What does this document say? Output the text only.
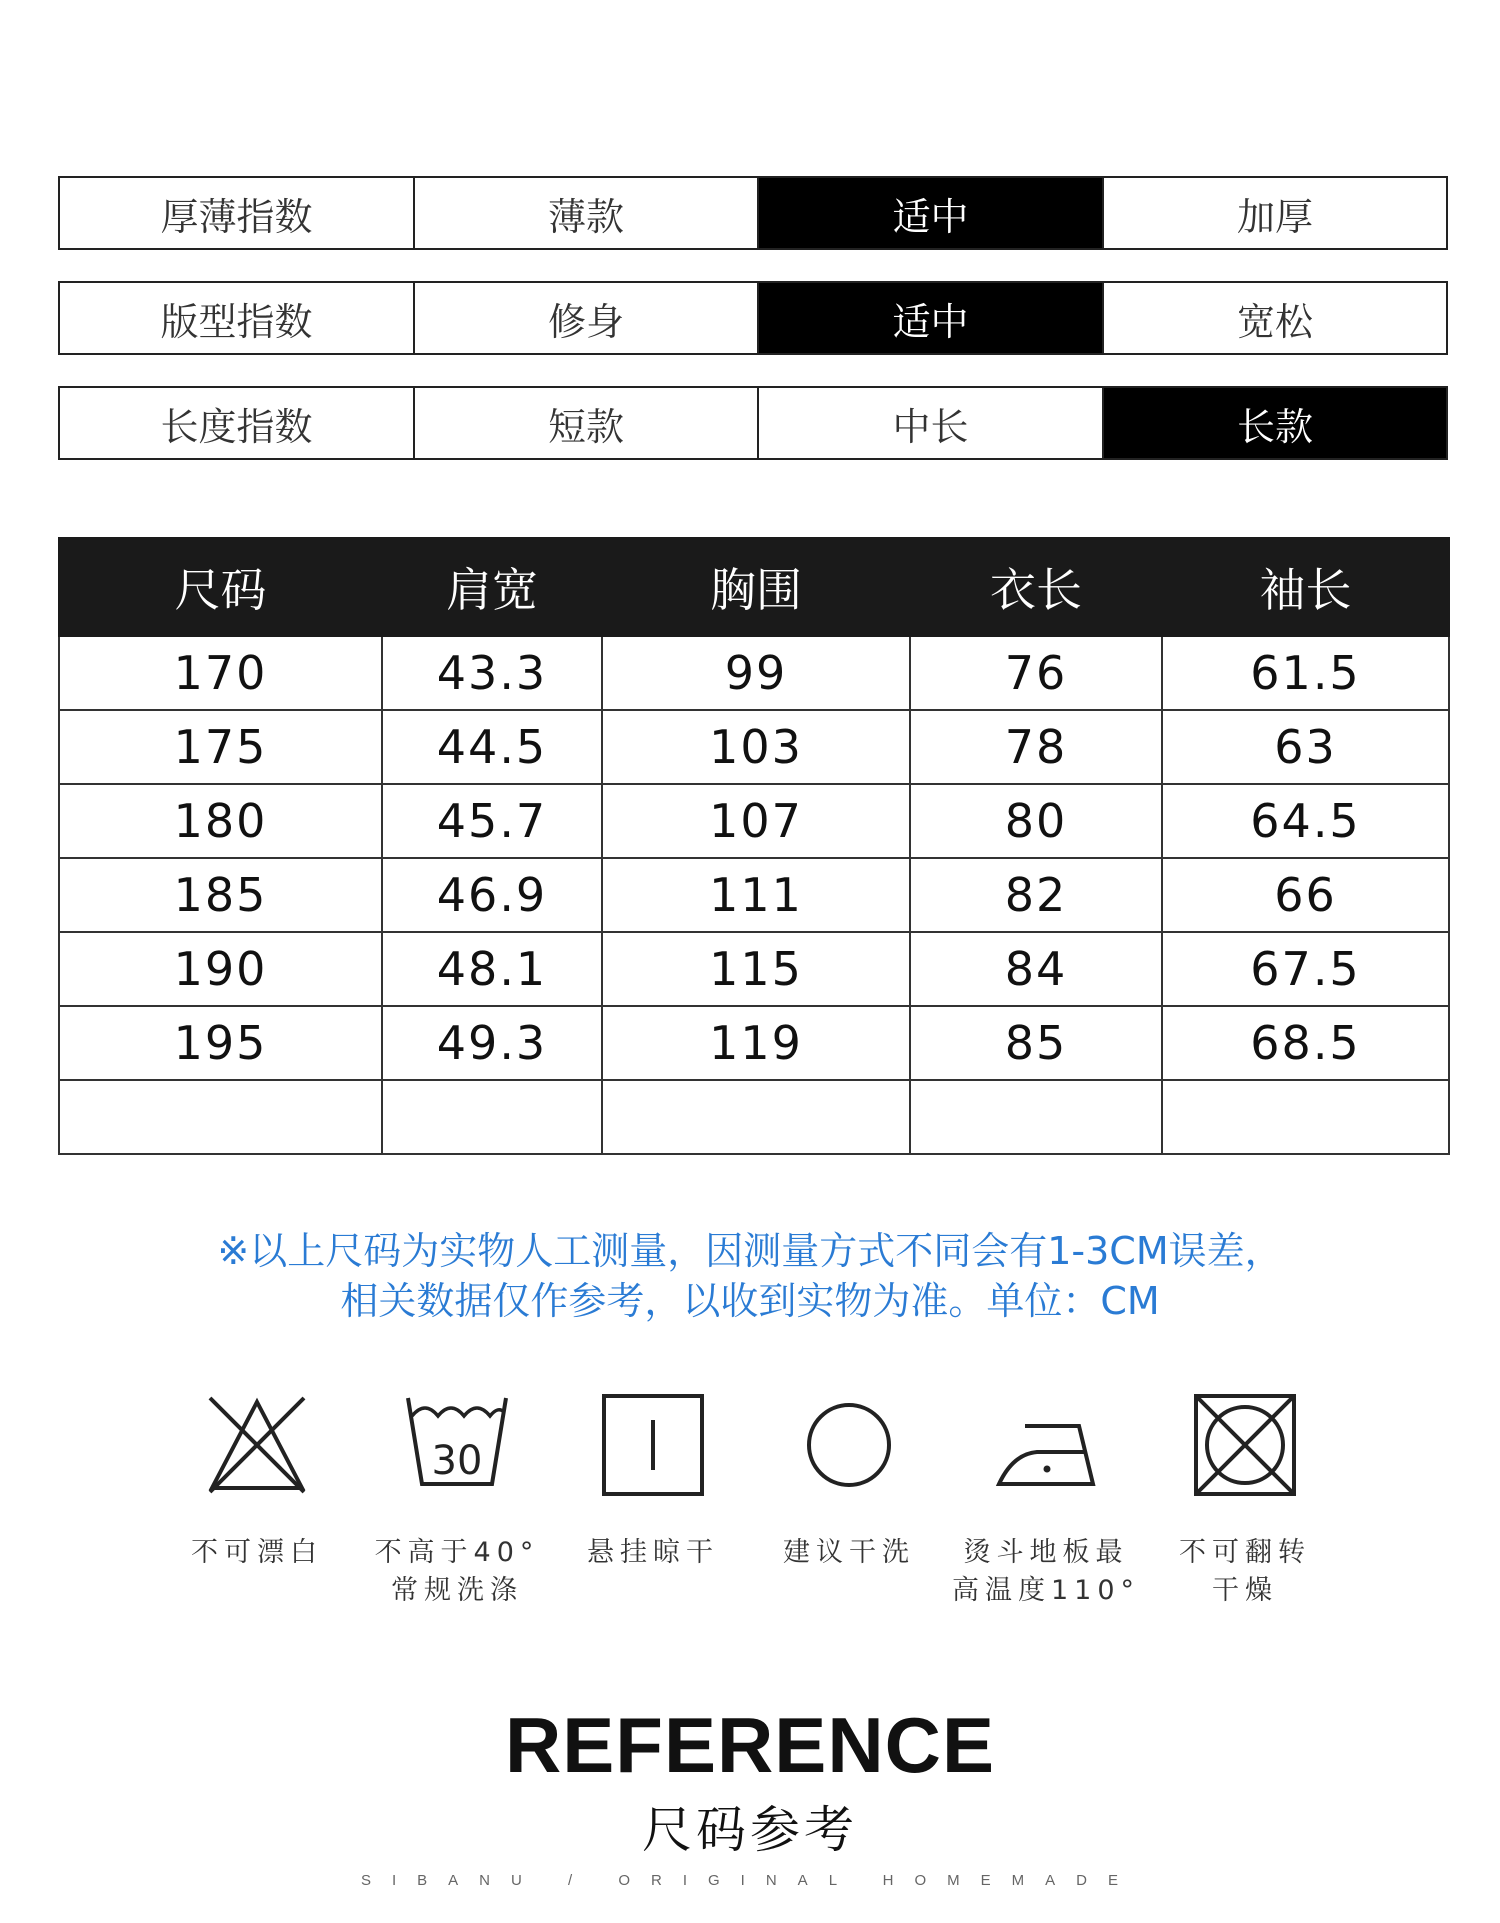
厚薄指数	薄款	适中	加厚
版型指数	修身	适中	宽松
长度指数	短款	中长	长款
尺码	肩宽	胸围	衣长	袖长
170	43.3	99	76	61.5
175	44.5	103	78	63
180	45.7	107	80	64.5
185	46.9	111	82	66
190	48.1	115	84	67.5
195	49.3	119	85	68.5

※以上尺码为实物人工测量，因测量方式不同会有1-3CM误差，
相关数据仅作参考，以收到实物为准。单位：CM
不可漂白
30
不高于40°
常规洗涤
悬挂晾干	建议干洗	烫斗地板最
高温度110°
不可翻转
干燥
REFERENCE
尺码参考
SIBANU / ORIGINAL HOMEMADE
